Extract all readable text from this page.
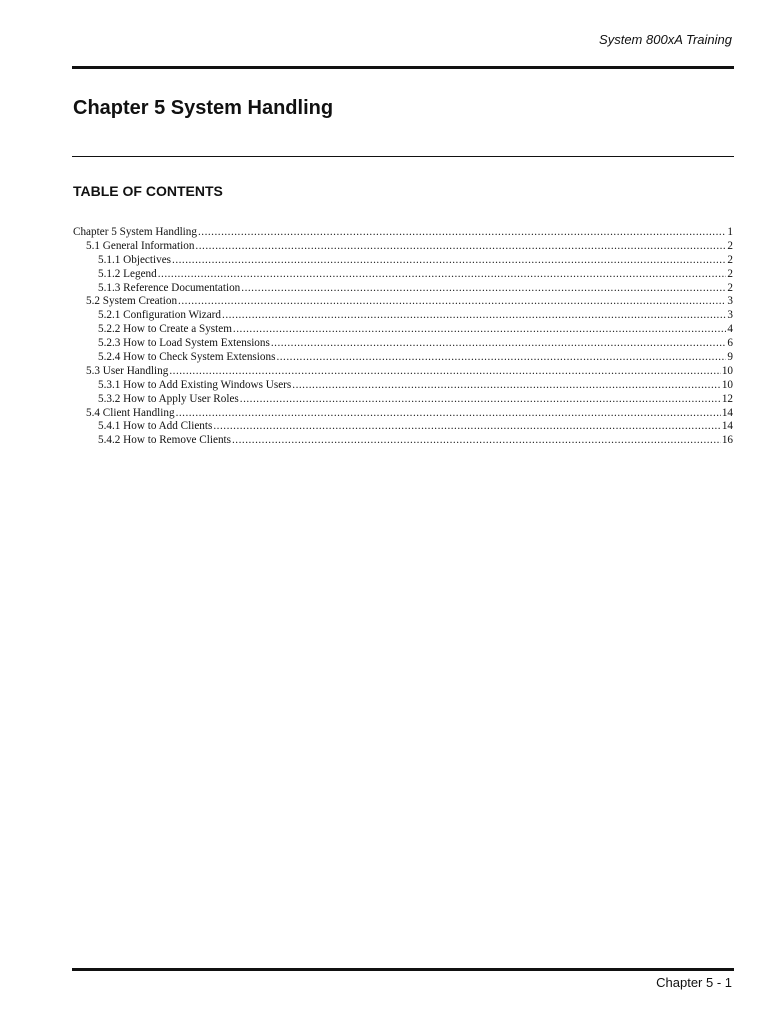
System 800xA Training
Chapter 5 System Handling
TABLE OF CONTENTS
Chapter 5 System Handling .....	1
5.1 General Information .....	2
5.1.1 Objectives .....	2
5.1.2 Legend .....	2
5.1.3 Reference Documentation .....	2
5.2 System Creation .....	3
5.2.1 Configuration Wizard .....	3
5.2.2 How to Create a System .....	4
5.2.3 How to Load System Extensions .....	6
5.2.4 How to Check System Extensions .....	9
5.3 User Handling .....	10
5.3.1 How to Add Existing Windows Users .....	10
5.3.2 How to Apply User Roles .....	12
5.4 Client Handling .....	14
5.4.1 How to Add Clients .....	14
5.4.2 How to Remove Clients .....	16
Chapter 5 - 1
